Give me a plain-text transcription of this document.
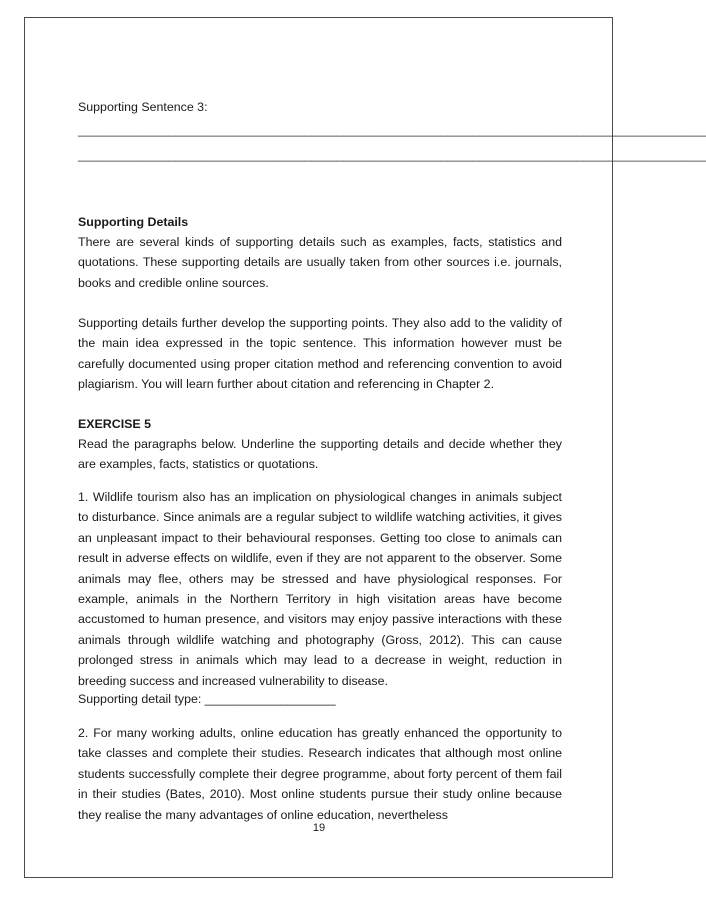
Supporting Sentence 3:
_________________________________________________________________________________________________
_________________________________________________________________________________________________
Supporting Details

There are several kinds of supporting details such as examples, facts, statistics and quotations. These supporting details are usually taken from other sources i.e. journals, books and credible online sources.

Supporting details further develop the supporting points. They also add to the validity of the main idea expressed in the topic sentence. This information however must be carefully documented using proper citation method and referencing convention to avoid plagiarism. You will learn further about citation and referencing in Chapter 2.

EXERCISE 5

Read the paragraphs below. Underline the supporting details and decide whether they are examples, facts, statistics or quotations.

1. Wildlife tourism also has an implication on physiological changes in animals subject to disturbance. Since animals are a regular subject to wildlife watching activities, it gives an unpleasant impact to their behavioural responses. Getting too close to animals can result in adverse effects on wildlife, even if they are not apparent to the observer. Some animals may flee, others may be stressed and have physiological responses. For example, animals in the Northern Territory in high visitation areas have become accustomed to human presence, and visitors may enjoy passive interactions with these animals through wildlife watching and photography (Gross, 2012). This can cause prolonged stress in animals which may lead to a decrease in weight, reduction in breeding success and increased vulnerability to disease.

Supporting detail type: ___________________

2. For many working adults, online education has greatly enhanced the opportunity to take classes and complete their studies. Research indicates that although most online students successfully complete their degree programme, about forty percent of them fail in their studies (Bates, 2010). Most online students pursue their study online because they realise the many advantages of online education, nevertheless

19
